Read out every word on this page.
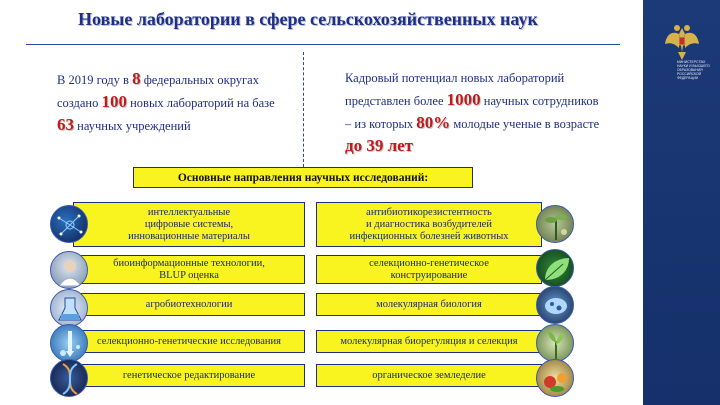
Новые лаборатории в сфере сельскохозяйственных наук
В 2019 году в 8 федеральных округах создано 100 новых лабораторий на базе 63 научных учреждений
Кадровый потенциал новых лабораторий представлен более 1000 научных сотрудников – из которых 80% молодые ученые в возрасте до 39 лет
Основные направления научных исследований:
интеллектуальные
цифровые системы,
инновационные материалы
биоинформационные технологии,
BLUP оценка
агробиотехнологии
селекционно-генетические исследования
генетическое редактирование
антибиотикорезистентность
и диагностика возбудителей
инфекционных болезней животных
селекционно-генетическое
конструирование
молекулярная биология
молекулярная биорегуляция и селекция
органическое земледелие
МИНИСТЕРСТВО НАУКИ И ВЫСШЕГО ОБРАЗОВАНИЯ РОССИЙСКОЙ ФЕДЕРАЦИИ
